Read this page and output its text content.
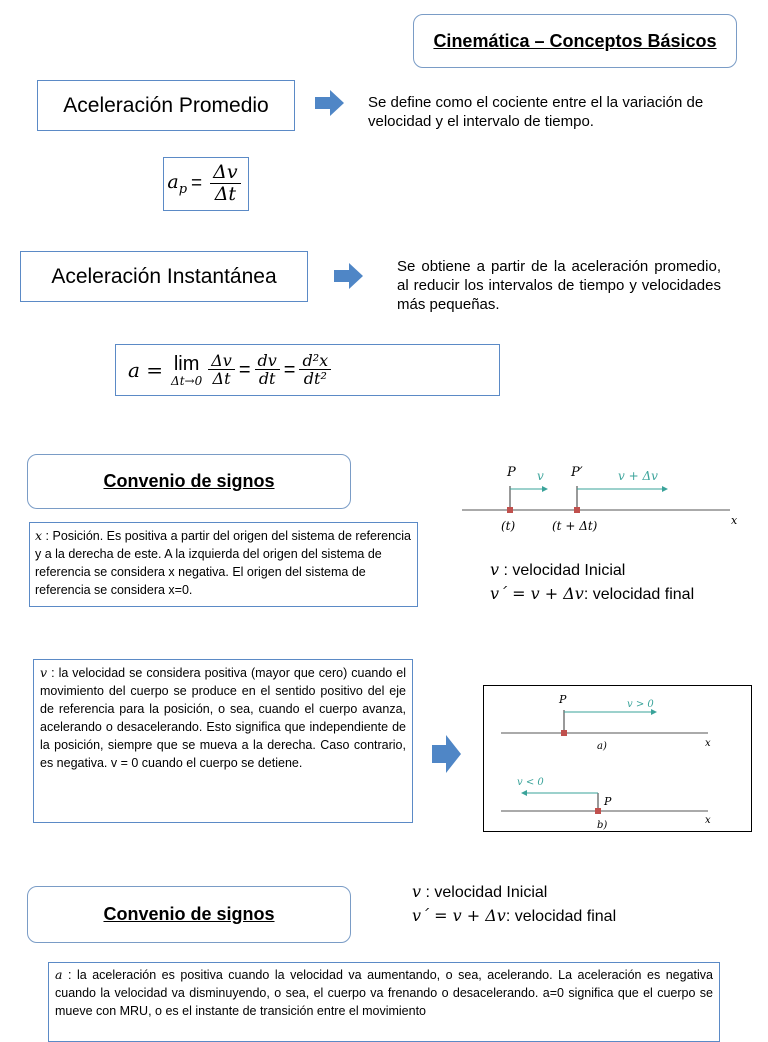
Cinemática – Conceptos Básicos
Aceleración Promedio	Se define como el cociente entre el la variación de velocidad y el intervalo de tiempo.
$a_p = \frac{\Delta v}{\Delta t}$
Aceleración Instantánea	Se obtiene a partir de la aceleración promedio, al reducir los intervalos de tiempo y velocidades más pequeñas.
a = lim
$\Delta t\to 0 \frac{\Delta v}{\Delta t} = \frac{dv}{dt} = \frac{\text{d²x}}{\text{dt²}}$
Convenio de signos
x : Posición. Es positiva a partir del origen del sistema de referencia y a la derecha de este. A la izquierda del origen del sistema de referencia se considera x negativa. El origen del sistema de referencia se considera x=0.
P v P′	v + Δv
(t)	(t + Δt)	x
v : velocidad Inicial
v´ = v + Δv: velocidad final
v : la velocidad se considera positiva (mayor que cero) cuando el movimiento del cuerpo se produce en el sentido positivo del eje de referencia para la posición, o sea, cuando el cuerpo avanza, acelerando o desacelerando. Esto significa que independiente de la posición, siempre que se mueva a la derecha. Caso contrario, es negativa. v = 0 cuando el cuerpo se detiene.
P	v > 0
a)	x
v < 0
P
b)	x
Convenio de signos
v : velocidad Inicial
v´ = v + Δv: velocidad final
a : la aceleración es positiva cuando la velocidad va aumentando, o sea, acelerando. La aceleración es negativa cuando la velocidad va disminuyendo, o sea, el cuerpo va frenando o desacelerando. a=0 significa que el cuerpo se mueve con MRU, o es el instante de transición entre el movimiento
